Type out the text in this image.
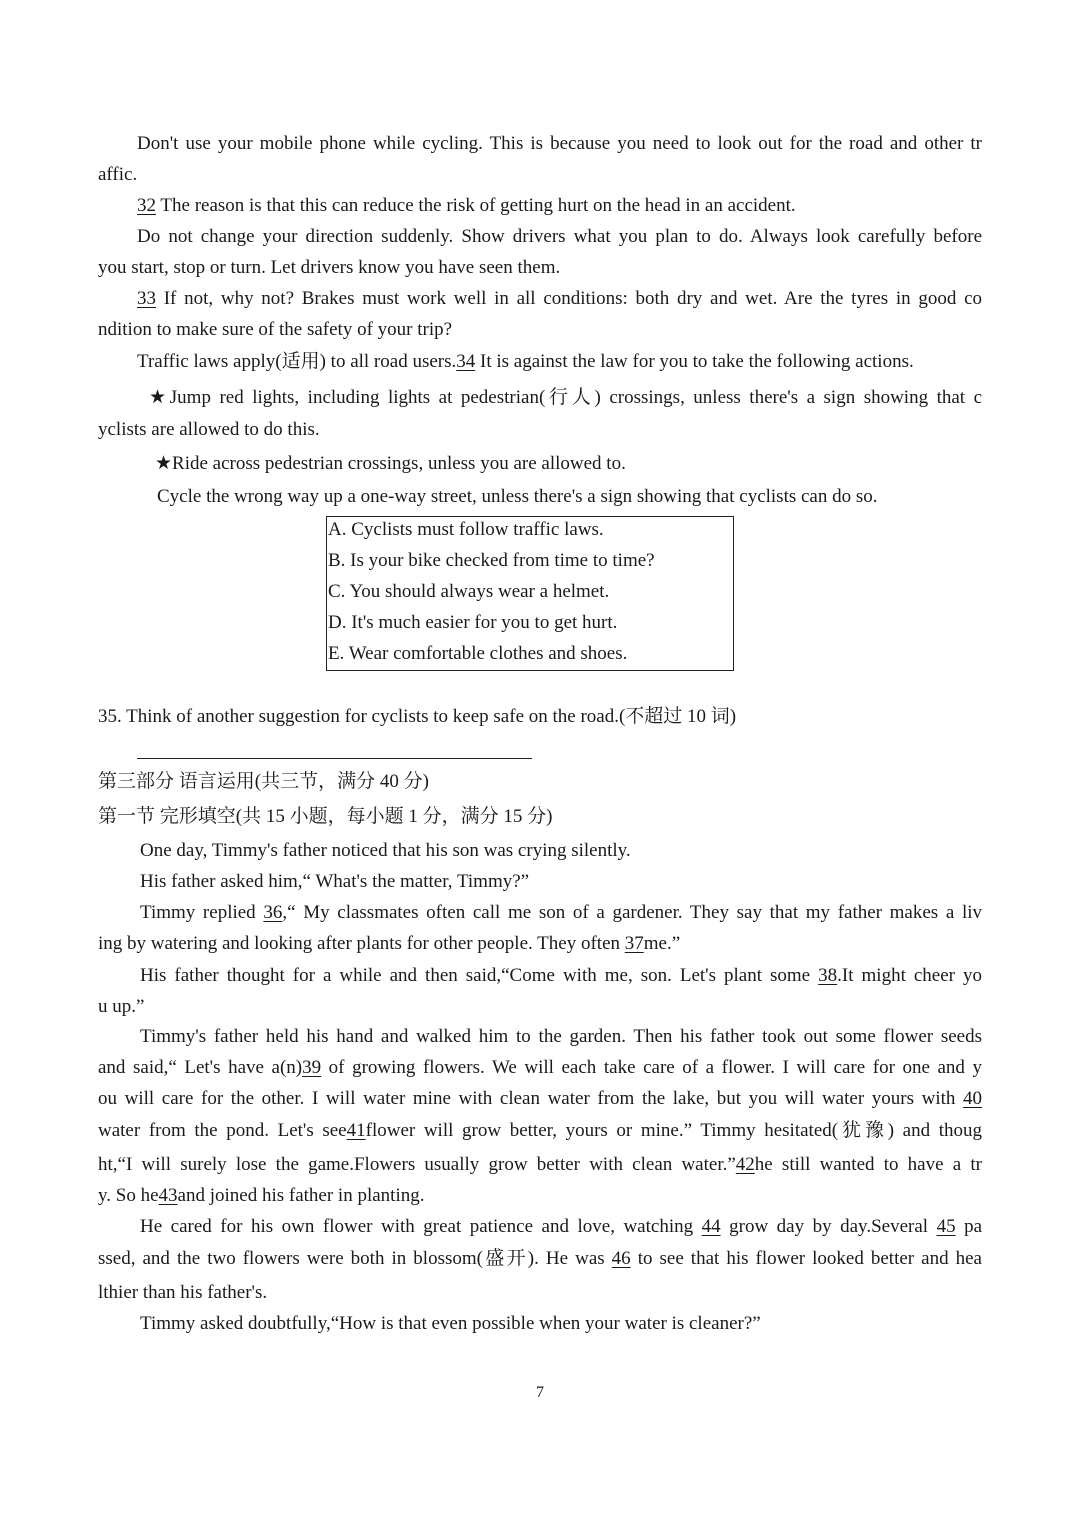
Don't use your mobile phone while cycling. This is because you need to look out for the road and other tr
affic.
32 The reason is that this can reduce the risk of getting hurt on the head in an accident.
Do not change your direction suddenly. Show drivers what you plan to do. Always look carefully before
you start, stop or turn. Let drivers know you have seen them.
33 If not, why not? Brakes must work well in all conditions: both dry and wet. Are the tyres in good co
ndition to make sure of the safety of your trip?
Traffic laws apply(适用) to all road users.34 It is against the law for you to take the following actions.
★Jump red lights, including lights at pedestrian(行人) crossings, unless there's a sign showing that c
yclists are allowed to do this.
★Ride across pedestrian crossings, unless you are allowed to.
Cycle the wrong way up a one-way street, unless there's a sign showing that cyclists can do so.
A. Cyclists must follow traffic laws.
B. Is your bike checked from time to time?
C. You should always wear a helmet.
D. It's much easier for you to get hurt.
E. Wear comfortable clothes and shoes.
35. Think of another suggestion for cyclists to keep safe on the road.(不超过 10 词)
第三部分 语言运用(共三节，满分 40 分)
第一节 完形填空(共 15 小题，每小题 1 分，满分 15 分)
One day, Timmy's father noticed that his son was crying silently.
His father asked him,“ What's the matter, Timmy?”
Timmy replied 36,“ My classmates often call me son of a gardener. They say that my father makes a liv
ing by watering and looking after plants for other people. They often 37me.”
His father thought for a while and then said,“Come with me, son. Let's plant some 38.It might cheer yo
u up.”
Timmy's father held his hand and walked him to the garden. Then his father took out some flower seeds
and said,“ Let's have a(n)39 of growing flowers. We will each take care of a flower. I will care for one and y
ou will care for the other. I will water mine with clean water from the lake, but you will water yours with 40
water from the pond. Let's see41flower will grow better, yours or mine.” Timmy hesitated(犹豫) and thoug
ht,“I will surely lose the game.Flowers usually grow better with clean water.”42he still wanted to have a tr
y. So he43and joined his father in planting.
He cared for his own flower with great patience and love, watching 44 grow day by day.Several 45 pa
ssed, and the two flowers were both in blossom(盛开). He was 46 to see that his flower looked better and hea
lthier than his father's.
Timmy asked doubtfully,“How is that even possible when your water is cleaner?”
7
